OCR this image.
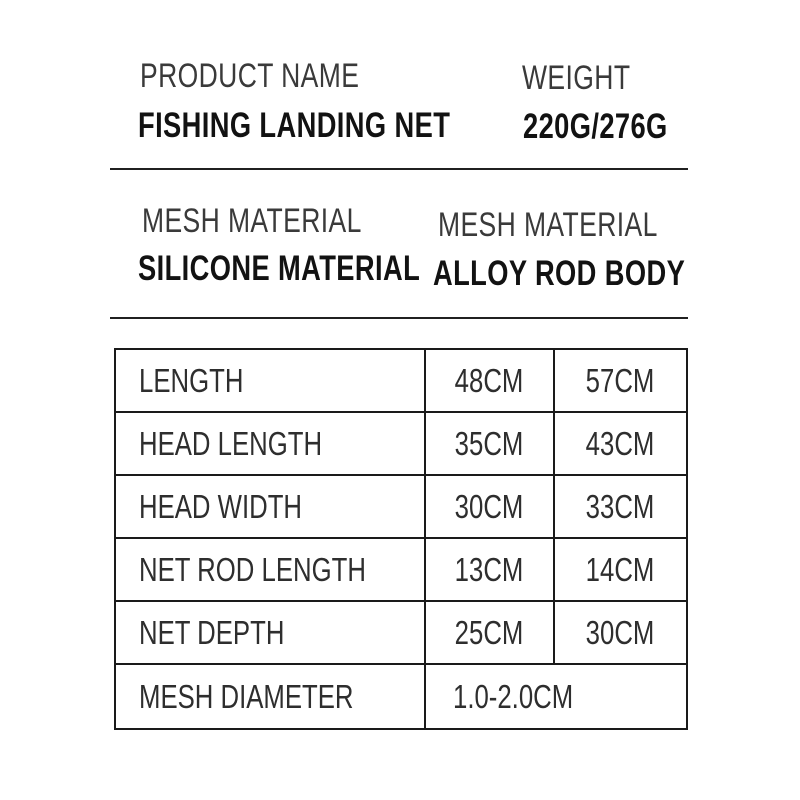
PRODUCT NAME
FISHING LANDING NET
WEIGHT
220G/276G
MESH MATERIAL
SILICONE MATERIAL
MESH MATERIAL
ALLOY ROD BODY
LENGTH	48CM 57CM
HEAD LENGTH	35CM 43CM
HEAD WIDTH	30CM 33CM
NET ROD LENGTH	13CM 14CM
NET DEPTH	25CM 30CM
MESH DIAMETER	1.0-2.0CM
